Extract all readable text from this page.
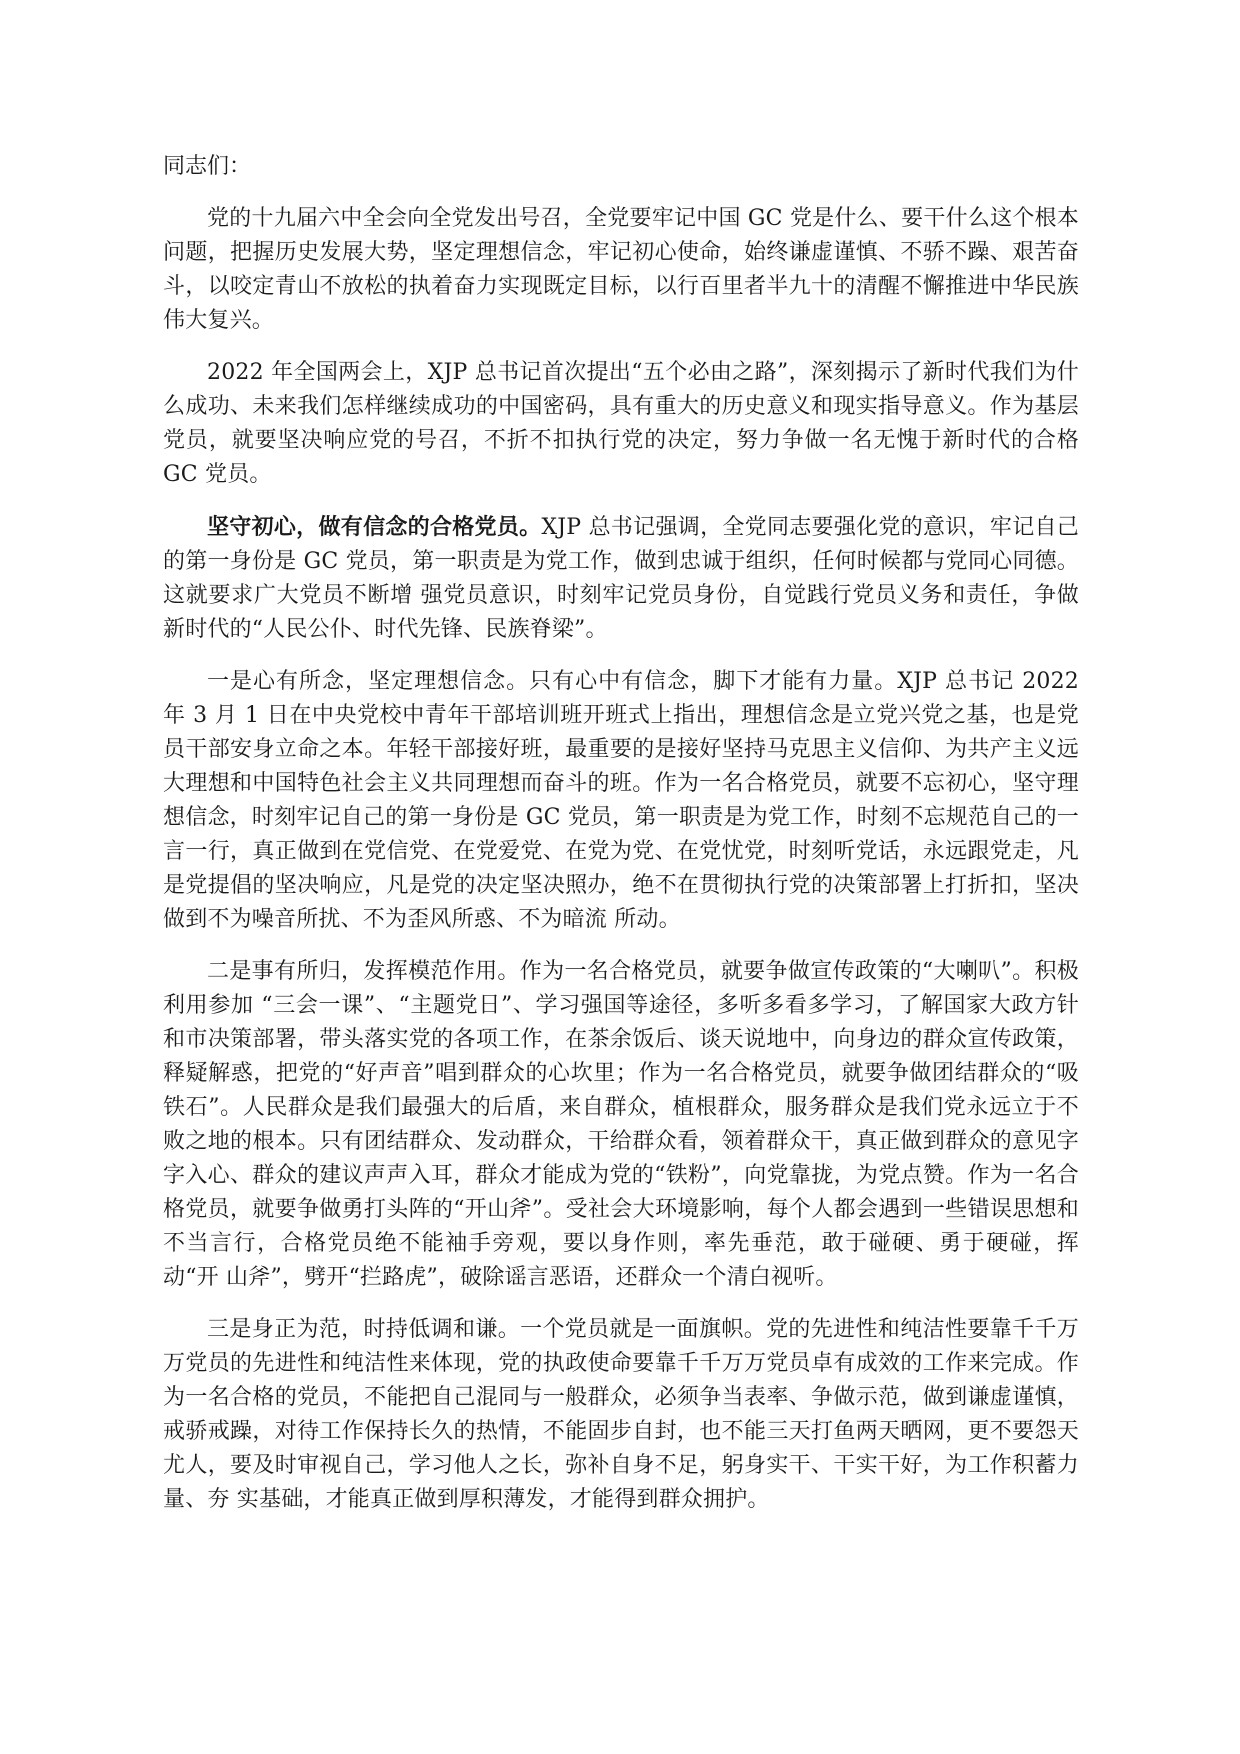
同志们：

党的十九届六中全会向全党发出号召，全党要牢记中国 GC 党是什么、要干什么这个根本问题，把握历史发展大势，坚定理想信念，牢记初心使命，始终谦虚谨慎、不骄不躁、艰苦奋斗，以咬定青山不放松的执着奋力实现既定目标，以行百里者半九十的清醒不懈推进中华民族伟大复兴。

2022 年全国两会上，XJP 总书记首次提出“五个必由之路”，深刻揭示了新时代我们为什么成功、未来我们怎样继续成功的中国密码，具有重大的历史意义和现实指导意义。作为基层党员，就要坚决响应党的号召，不折不扣执行党的决定，努力争做一名无愧于新时代的合格 GC 党员。

坚守初心，做有信念的合格党员。XJP 总书记强调，全党同志要强化党的意识，牢记自己的第一身份是 GC 党员，第一职责是为党工作，做到忠诚于组织，任何时候都与党同心同德。这就要求广大党员不断增 强党员意识，时刻牢记党员身份，自觉践行党员义务和责任，争做新时代的“人民公仆、时代先锋、民族脊梁”。

一是心有所念，坚定理想信念。只有心中有信念，脚下才能有力量。XJP 总书记 2022 年 3 月 1 日在中央党校中青年干部培训班开班式上指出，理想信念是立党兴党之基，也是党员干部安身立命之本。年轻干部接好班，最重要的是接好坚持马克思主义信仰、为共产主义远大理想和中国特色社会主义共同理想而奋斗的班。作为一名合格党员，就要不忘初心，坚守理想信念，时刻牢记自己的第一身份是 GC 党员，第一职责是为党工作，时刻不忘规范自己的一言一行，真正做到在党信党、在党爱党、在党为党、在党忧党，时刻听党话，永远跟党走，凡是党提倡的坚决响应，凡是党的决定坚决照办，绝不在贯彻执行党的决策部署上打折扣，坚决做到不为噪音所扰、不为歪风所惑、不为暗流 所动。

二是事有所归，发挥模范作用。作为一名合格党员，就要争做宣传政策的“大喇叭”。积极利用参加 “三会一课”、“主题党日”、学习强国等途径，多听多看多学习，了解国家大政方针和市决策部署，带头落实党的各项工作，在茶余饭后、谈天说地中，向身边的群众宣传政策，释疑解惑，把党的“好声音”唱到群众的心坎里；作为一名合格党员，就要争做团结群众的“吸铁石”。人民群众是我们最强大的后盾，来自群众，植根群众，服务群众是我们党永远立于不败之地的根本。只有团结群众、发动群众，干给群众看，领着群众干，真正做到群众的意见字字入心、群众的建议声声入耳，群众才能成为党的“铁粉”，向党靠拢，为党点赞。作为一名合格党员，就要争做勇打头阵的“开山斧”。受社会大环境影响，每个人都会遇到一些错误思想和不当言行，合格党员绝不能袖手旁观，要以身作则，率先垂范，敢于碰硬、勇于硬碰，挥动“开 山斧”，劈开“拦路虎”，破除谣言恶语，还群众一个清白视听。

三是身正为范，时持低调和谦。一个党员就是一面旗帜。党的先进性和纯洁性要靠千千万万党员的先进性和纯洁性来体现，党的执政使命要靠千千万万党员卓有成效的工作来完成。作为一名合格的党员，不能把自己混同与一般群众，必须争当表率、争做示范，做到谦虚谨慎，戒骄戒躁，对待工作保持长久的热情，不能固步自封，也不能三天打鱼两天晒网，更不要怨天尤人，要及时审视自己，学习他人之长，弥补自身不足，躬身实干、干实干好，为工作积蓄力量、夯 实基础，才能真正做到厚积薄发，才能得到群众拥护。
